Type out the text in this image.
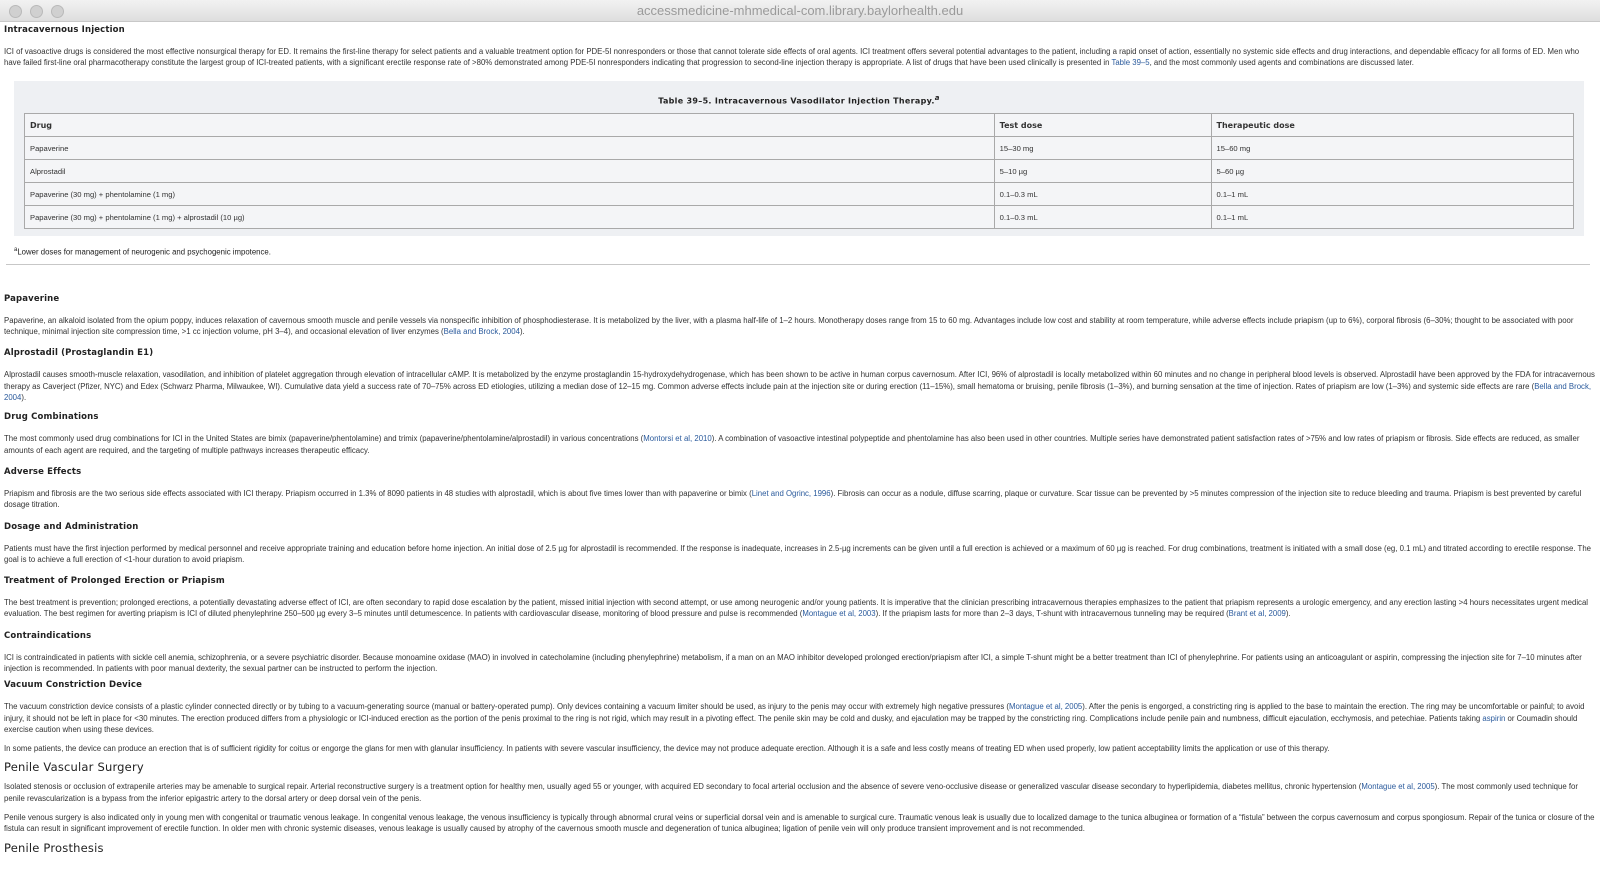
accessmedicine-mhmedical-com.library.baylorhealth.edu
Intracavernous Injection

ICI of vasoactive drugs is considered the most effective nonsurgical therapy for ED. It remains the first-line therapy for select patients and a valuable treatment option for PDE-5I nonresponders or those that cannot tolerate side effects of oral agents. ICI treatment offers several potential advantages to the patient, including a rapid onset of action, essentially no systemic side effects and drug interactions, and dependable efficacy for all forms of ED. Men who have failed first-line oral pharmacotherapy constitute the largest group of ICI-treated patients, with a significant erectile response rate of >80% demonstrated among PDE-5I nonresponders indicating that progression to second-line injection therapy is appropriate. A list of drugs that have been used clinically is presented in Table 39–5, and the most commonly used agents and combinations are discussed later.

Table 39–5. Intracavernous Vasodilator Injection Therapy.$^a$
Drug	Test dose	Therapeutic dose
Papaverine	15–30 mg	15–60 mg
Alprostadil	5–10 µg	5–60 µg
Papaverine (30 mg) + phentolamine (1 mg)	0.1–0.3 mL	0.1–1 mL
Papaverine (30 mg) + phentolamine (1 mg) + alprostadil (10 µg)	0.1–0.3 mL	0.1–1 mL
$^a$Lower doses for management of neurogenic and psychogenic impotence.
Papaverine

Papaverine, an alkaloid isolated from the opium poppy, induces relaxation of cavernous smooth muscle and penile vessels via nonspecific inhibition of phosphodiesterase. It is metabolized by the liver, with a plasma half-life of 1–2 hours. Monotherapy doses range from 15 to 60 mg. Advantages include low cost and stability at room temperature, while adverse effects include priapism (up to 6%), corporal fibrosis (6–30%; thought to be associated with poor technique, minimal injection site compression time, >1 cc injection volume, pH 3–4), and occasional elevation of liver enzymes (Bella and Brock, 2004).

Alprostadil (Prostaglandin E1)

Alprostadil causes smooth-muscle relaxation, vasodilation, and inhibition of platelet aggregation through elevation of intracellular cAMP. It is metabolized by the enzyme prostaglandin 15-hydroxydehydrogenase, which has been shown to be active in human corpus cavernosum. After ICI, 96% of alprostadil is locally metabolized within 60 minutes and no change in peripheral blood levels is observed. Alprostadil have been approved by the FDA for intracavernous therapy as Caverject (Pfizer, NYC) and Edex (Schwarz Pharma, Milwaukee, WI). Cumulative data yield a success rate of 70–75% across ED etiologies, utilizing a median dose of 12–15 mg. Common adverse effects include pain at the injection site or during erection (11–15%), small hematoma or bruising, penile fibrosis (1–3%), and burning sensation at the time of injection. Rates of priapism are low (1–3%) and systemic side effects are rare (Bella and Brock, 2004).

Drug Combinations

The most commonly used drug combinations for ICI in the United States are bimix (papaverine/phentolamine) and trimix (papaverine/phentolamine/alprostadil) in various concentrations (Montorsi et al, 2010). A combination of vasoactive intestinal polypeptide and phentolamine has also been used in other countries. Multiple series have demonstrated patient satisfaction rates of >75% and low rates of priapism or fibrosis. Side effects are reduced, as smaller amounts of each agent are required, and the targeting of multiple pathways increases therapeutic efficacy.

Adverse Effects

Priapism and fibrosis are the two serious side effects associated with ICI therapy. Priapism occurred in 1.3% of 8090 patients in 48 studies with alprostadil, which is about five times lower than with papaverine or bimix (Linet and Ogrinc, 1996). Fibrosis can occur as a nodule, diffuse scarring, plaque or curvature. Scar tissue can be prevented by >5 minutes compression of the injection site to reduce bleeding and trauma. Priapism is best prevented by careful dosage titration.

Dosage and Administration

Patients must have the first injection performed by medical personnel and receive appropriate training and education before home injection. An initial dose of 2.5 µg for alprostadil is recommended. If the response is inadequate, increases in 2.5-µg increments can be given until a full erection is achieved or a maximum of 60 µg is reached. For drug combinations, treatment is initiated with a small dose (eg, 0.1 mL) and titrated according to erectile response. The goal is to achieve a full erection of <1-hour duration to avoid priapism.

Treatment of Prolonged Erection or Priapism

The best treatment is prevention; prolonged erections, a potentially devastating adverse effect of ICI, are often secondary to rapid dose escalation by the patient, missed initial injection with second attempt, or use among neurogenic and/or young patients. It is imperative that the clinician prescribing intracavernous therapies emphasizes to the patient that priapism represents a urologic emergency, and any erection lasting >4 hours necessitates urgent medical evaluation. The best regimen for averting priapism is ICI of diluted phenylephrine 250–500 µg every 3–5 minutes until detumescence. In patients with cardiovascular disease, monitoring of blood pressure and pulse is recommended (Montague et al, 2003). If the priapism lasts for more than 2–3 days, T-shunt with intracavernous tunneling may be required (Brant et al, 2009).

Contraindications

ICI is contraindicated in patients with sickle cell anemia, schizophrenia, or a severe psychiatric disorder. Because monoamine oxidase (MAO) in involved in catecholamine (including phenylephrine) metabolism, if a man on an MAO inhibitor developed prolonged erection/priapism after ICI, a simple T-shunt might be a better treatment than ICI of phenylephrine. For patients using an anticoagulant or aspirin, compressing the injection site for 7–10 minutes after injection is recommended. In patients with poor manual dexterity, the sexual partner can be instructed to perform the injection.

Vacuum Constriction Device

The vacuum constriction device consists of a plastic cylinder connected directly or by tubing to a vacuum-generating source (manual or battery-operated pump). Only devices containing a vacuum limiter should be used, as injury to the penis may occur with extremely high negative pressures (Montague et al, 2005). After the penis is engorged, a constricting ring is applied to the base to maintain the erection. The ring may be uncomfortable or painful; to avoid injury, it should not be left in place for <30 minutes. The erection produced differs from a physiologic or ICI-induced erection as the portion of the penis proximal to the ring is not rigid, which may result in a pivoting effect. The penile skin may be cold and dusky, and ejaculation may be trapped by the constricting ring. Complications include penile pain and numbness, difficult ejaculation, ecchymosis, and petechiae. Patients taking aspirin or Coumadin should exercise caution when using these devices.

In some patients, the device can produce an erection that is of sufficient rigidity for coitus or engorge the glans for men with glanular insufficiency. In patients with severe vascular insufficiency, the device may not produce adequate erection. Although it is a safe and less costly means of treating ED when used properly, low patient acceptability limits the application or use of this therapy.

Penile Vascular Surgery

Isolated stenosis or occlusion of extrapenile arteries may be amenable to surgical repair. Arterial reconstructive surgery is a treatment option for healthy men, usually aged 55 or younger, with acquired ED secondary to focal arterial occlusion and the absence of severe veno-occlusive disease or generalized vascular disease secondary to hyperlipidemia, diabetes mellitus, chronic hypertension (Montague et al, 2005). The most commonly used technique for penile revascularization is a bypass from the inferior epigastric artery to the dorsal artery or deep dorsal vein of the penis.

Penile venous surgery is also indicated only in young men with congenital or traumatic venous leakage. In congenital venous leakage, the venous insufficiency is typically through abnormal crural veins or superficial dorsal vein and is amenable to surgical cure. Traumatic venous leak is usually due to localized damage to the tunica albuginea or formation of a “fistula” between the corpus cavernosum and corpus spongiosum. Repair of the tunica or closure of the fistula can result in significant improvement of erectile function. In older men with chronic systemic diseases, venous leakage is usually caused by atrophy of the cavernous smooth muscle and degeneration of tunica albuginea; ligation of penile vein will only produce transient improvement and is not recommended.

Penile Prosthesis
